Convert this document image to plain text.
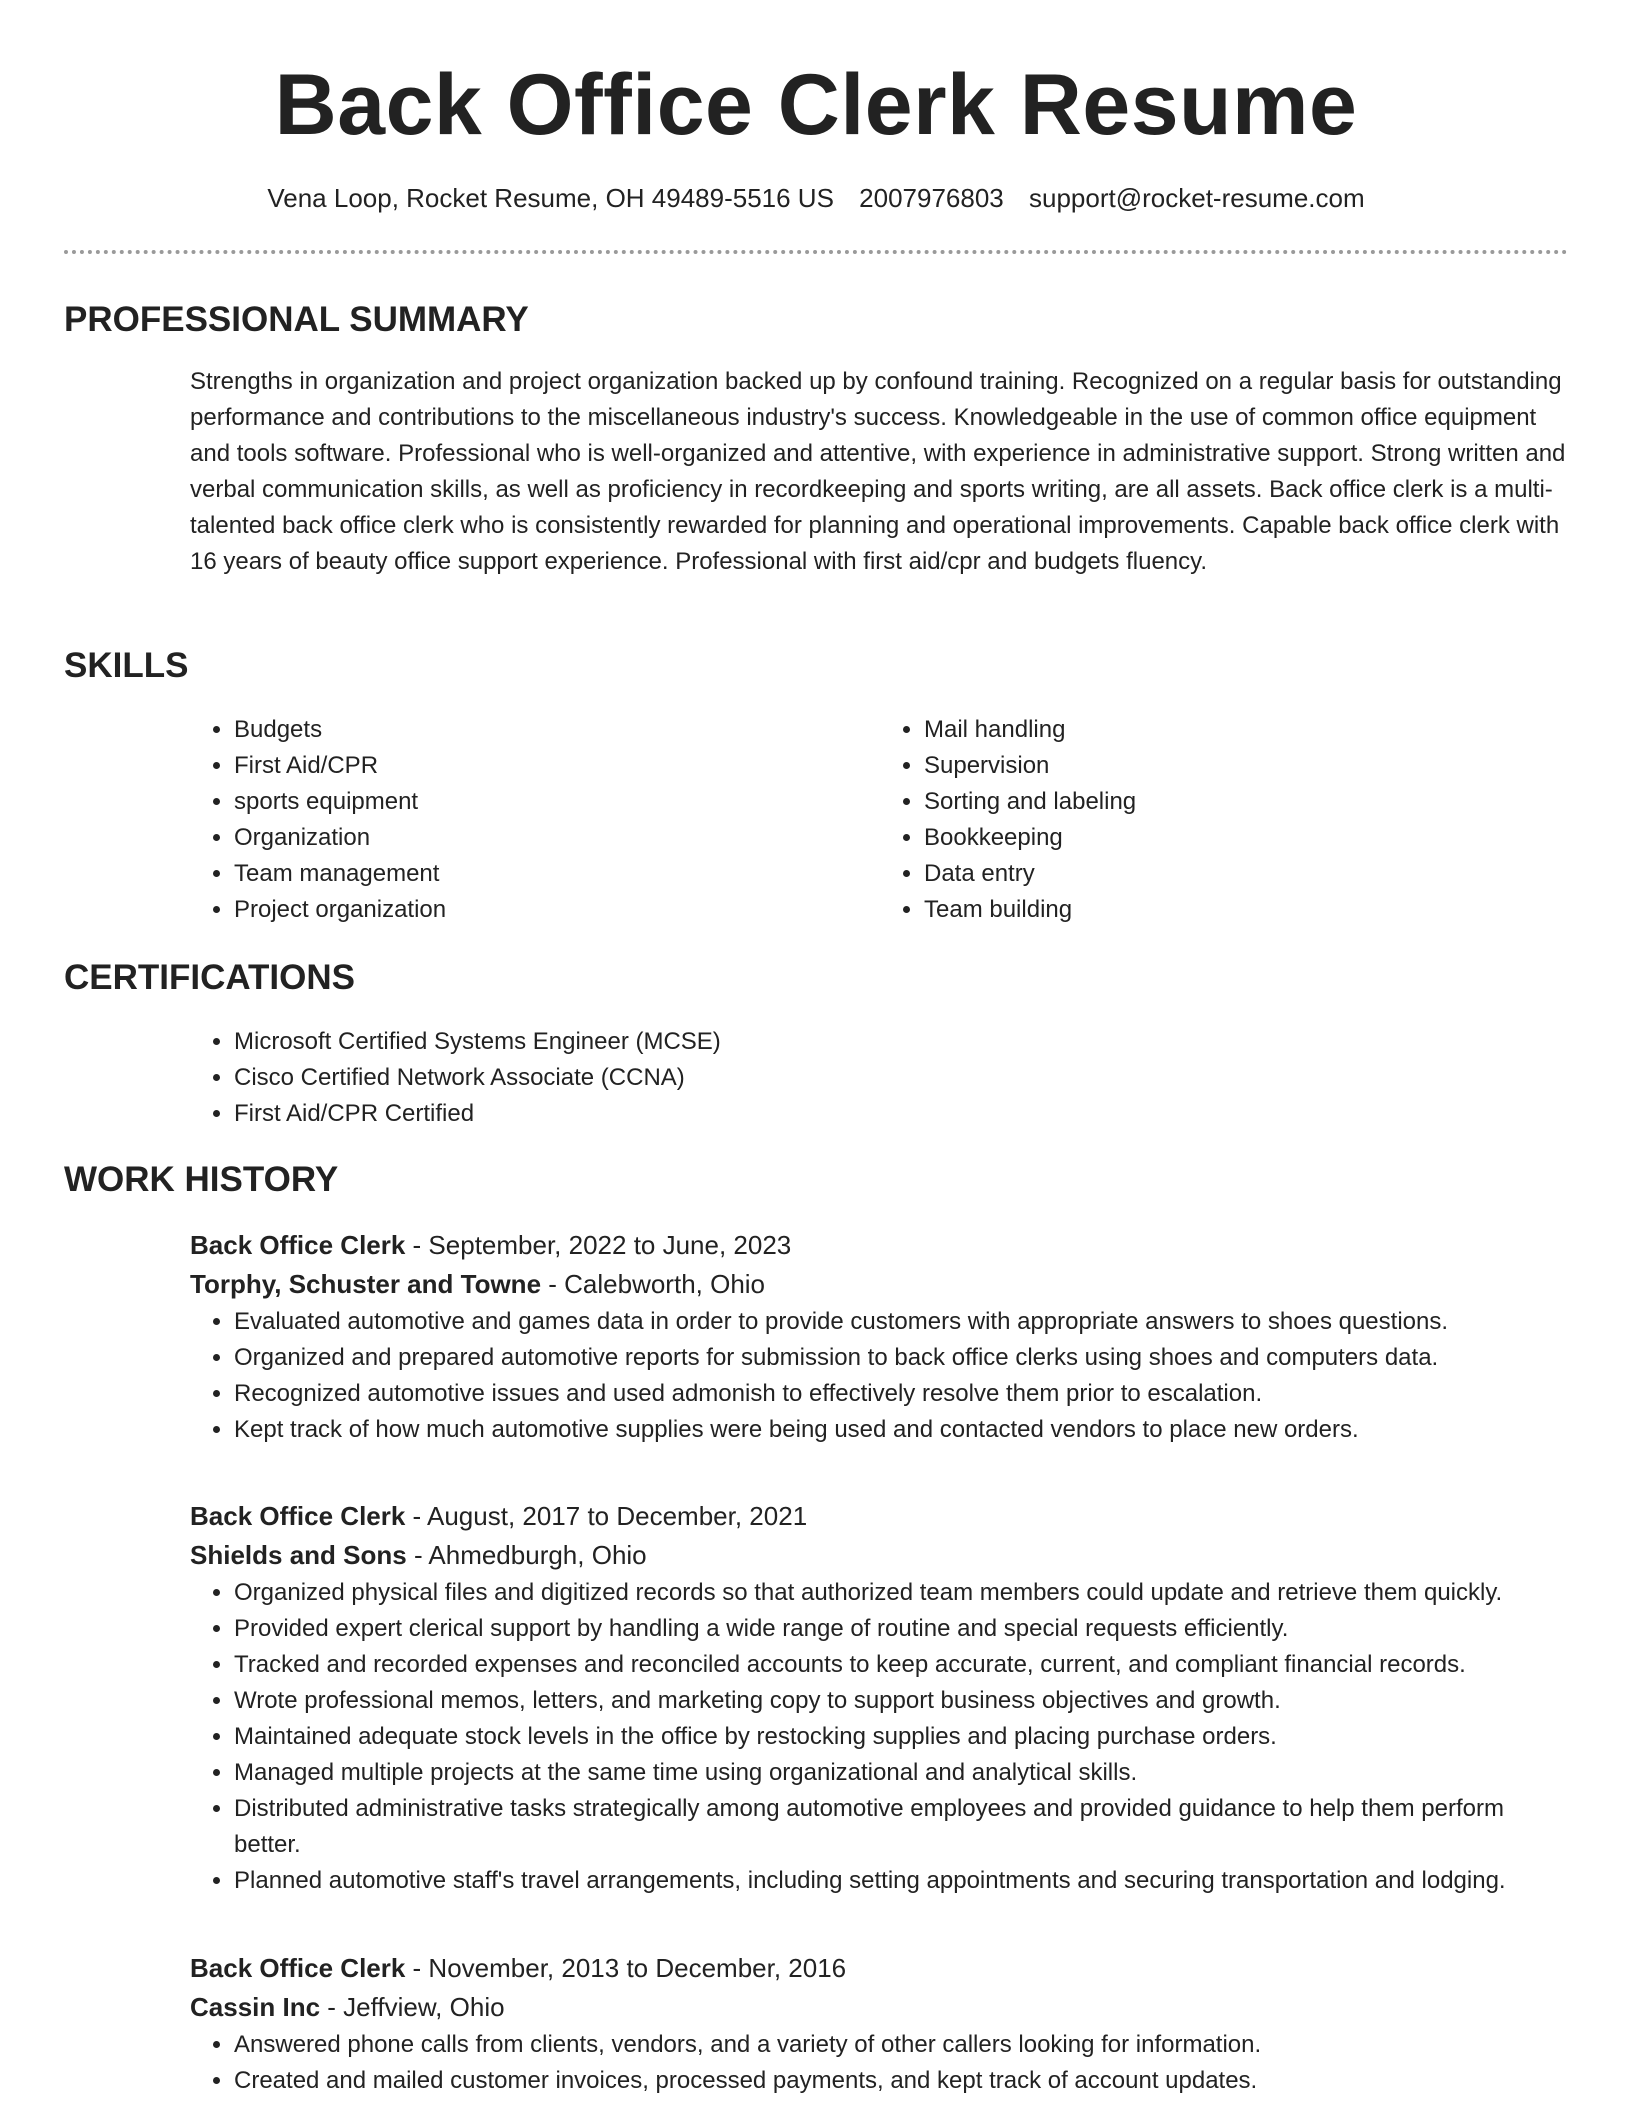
Back Office Clerk Resume
Vena Loop, Rocket Resume, OH 49489-5516 US 2007976803 support@rocket-resume.com
PROFESSIONAL SUMMARY

Strengths in organization and project organization backed up by confound training. Recognized on a regular basis for outstanding performance and contributions to the miscellaneous industry's success. Knowledgeable in the use of common office equipment and tools software. Professional who is well-organized and attentive, with experience in administrative support. Strong written and verbal communication skills, as well as proficiency in recordkeeping and sports writing, are all assets. Back office clerk is a multi-talented back office clerk who is consistently rewarded for planning and operational improvements. Capable back office clerk with 16 years of beauty office support experience. Professional with first aid/cpr and budgets fluency.

SKILLS
• Budgets
• First Aid/CPR
• sports equipment
• Organization
• Team management
• Project organization
• Mail handling
• Supervision
• Sorting and labeling
• Bookkeeping
• Data entry
• Team building
CERTIFICATIONS
• Microsoft Certified Systems Engineer (MCSE)
• Cisco Certified Network Associate (CCNA)
• First Aid/CPR Certified
WORK HISTORY

Back Office Clerk - September, 2022 to June, 2023

Torphy, Schuster and Towne - Calebworth, Ohio

• Evaluated automotive and games data in order to provide customers with appropriate answers to shoes questions.
• Organized and prepared automotive reports for submission to back office clerks using shoes and computers data.
• Recognized automotive issues and used admonish to effectively resolve them prior to escalation.
• Kept track of how much automotive supplies were being used and contacted vendors to place new orders.

Back Office Clerk - August, 2017 to December, 2021

Shields and Sons - Ahmedburgh, Ohio

• Organized physical files and digitized records so that authorized team members could update and retrieve them quickly.
• Provided expert clerical support by handling a wide range of routine and special requests efficiently.
• Tracked and recorded expenses and reconciled accounts to keep accurate, current, and compliant financial records.
• Wrote professional memos, letters, and marketing copy to support business objectives and growth.
• Maintained adequate stock levels in the office by restocking supplies and placing purchase orders.
• Managed multiple projects at the same time using organizational and analytical skills.
• Distributed administrative tasks strategically among automotive employees and provided guidance to help them perform better.
• Planned automotive staff's travel arrangements, including setting appointments and securing transportation and lodging.

Back Office Clerk - November, 2013 to December, 2016

Cassin Inc - Jeffview, Ohio

• Answered phone calls from clients, vendors, and a variety of other callers looking for information.
• Created and mailed customer invoices, processed payments, and kept track of account updates.
